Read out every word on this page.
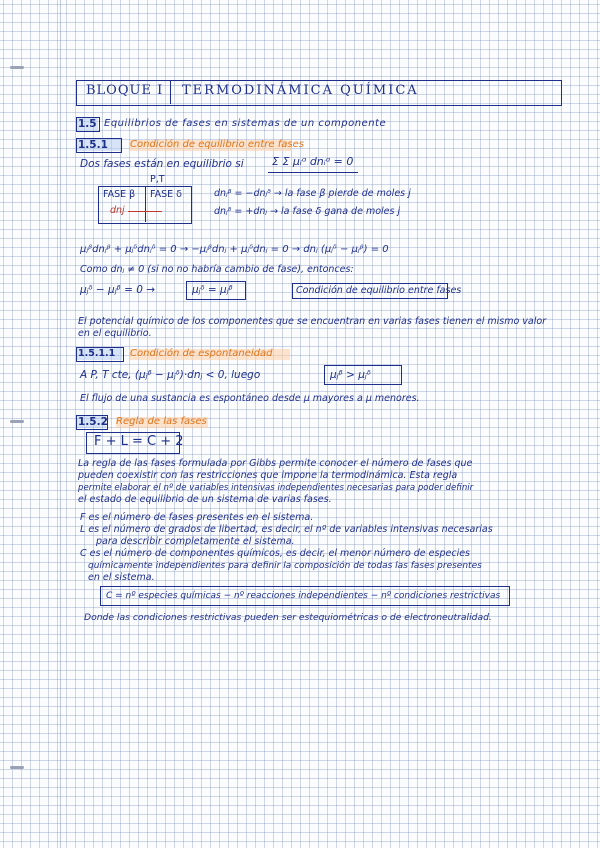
BLOQUE I TERMODINÁMICA QUÍMICA
1.5 Equilibrios de fases en sistemas de un componente
1.5.1 Condición de equilibrio entre fases
Dos fases están en equilibrio si	Σ Σ μᵢᵅ dnᵢᵅ = 0
P,T
FASE β FASE δ
dnj
dnⱼᵝ = −dnⱼᵟ → la fase β pierde de moles j
dnⱼᵟ = +dnⱼ → la fase δ gana de moles j
μⱼᵝdnⱼᵝ + μⱼᵟdnⱼᵟ = 0 → −μⱼᵝdnⱼ + μⱼᵟdnⱼ = 0 → dnⱼ (μⱼᵟ − μⱼᵝ) = 0
Como dnⱼ ≠ 0 (si no no habría cambio de fase), entonces:
μⱼᵟ − μⱼᵝ = 0 →	μⱼᵟ = μⱼᵝ	Condición de equilibrio entre fases
El potencial químico de los componentes que se encuentran en varias fases tienen el mismo valor en el equilibrio.
1.5.1.1 Condición de espontaneidad
A P, T cte, (μⱼᵝ − μⱼᵟ)·dnⱼ < 0, luego	μⱼᵝ > μⱼᵟ
El flujo de una sustancia es espontáneo desde μ mayores a μ menores.
1.5.2 Regla de las fases
F + L = C + 2
La regla de las fases formulada por Gibbs permite conocer el número de fases que
pueden coexistir con las restricciones que impone la termodinámica. Esta regla
permite elaborar el nº de variables intensivas independientes necesarias para poder definir
el estado de equilibrio de un sistema de varias fases.
F es el número de fases presentes en el sistema.
L es el número de grados de libertad, es decir, el nº de variables intensivas necesarias
para describir completamente el sistema.
C es el número de componentes químicos, es decir, el menor número de especies
químicamente independientes para definir la composición de todas las fases presentes
en el sistema.
C = nº especies químicas − nº reacciones independientes − nº condiciones restrictivas
Donde las condiciones restrictivas pueden ser estequiométricas o de electroneutralidad.
